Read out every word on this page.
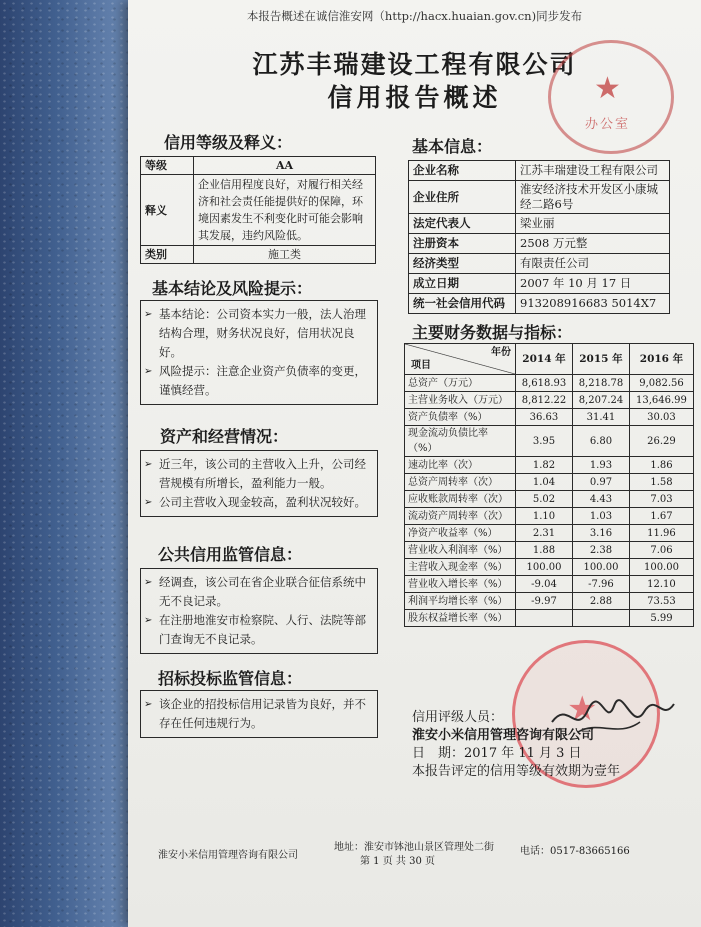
本报告概述在诚信淮安网（http://hacx.huaian.gov.cn)同步发布
江苏丰瑞建设工程有限公司
信用报告概述	★
办公室
信用等级及释义：
等级	AA
释义	企业信用程度良好，对履行相关经济和社会责任能提供好的保障，环境因素发生不利变化时可能会影响其发展，违约风险低。
类别	施工类
基本结论及风险提示：

➢ 基本结论：公司资本实力一般，法人治理结构合理，财务状况良好，信用状况良好。

➢ 风险提示：注意企业资产负债率的变更，谨慎经营。

资产和经营情况：

➢ 近三年，该公司的主营收入上升，公司经营规模有所增长，盈利能力一般。

➢ 公司主营收入现金较高，盈利状况较好。

公共信用监管信息：

➢ 经调查，该公司在省企业联合征信系统中无不良记录。

➢ 在注册地淮安市检察院、人行、法院等部门查询无不良记录。

招标投标监管信息：

➢ 该企业的招投标信用记录皆为良好，并不存在任何违规行为。

基本信息：
企业名称	江苏丰瑞建设工程有限公司
企业住所	淮安经济技术开发区小康城经二路6号
法定代表人	梁业丽
注册资本	2508 万元整
经济类型	有限责任公司
成立日期	2007 年 10 月 17 日
统一社会信用代码	913208916683 5014X7
主要财务数据与指标：
年份
项目	2014 年	2015 年	2016 年
总资产（万元）	8,618.93	8,218.78	9,082.56
主营业务收入（万元）	8,812.22	8,207.24	13,646.99
资产负债率（%）	36.63	31.41	30.03
现金流动负债比率（%）	3.95	6.80	26.29
速动比率（次）	1.82	1.93	1.86
总资产周转率（次）	1.04	0.97	1.58
应收账款周转率（次）	5.02	4.43	7.03
流动资产周转率（次）	1.10	1.03	1.67
净资产收益率（%）	2.31	3.16	11.96
营业收入利润率（%）	1.88	2.38	7.06
主营收入现金率（%）	100.00	100.00	100.00
营业收入增长率（%）	-9.04	-7.96	12.10
利润平均增长率（%）	-9.97	2.88	73.53
股东权益增长率（%）			5.99
★
信用评级人员：
淮安小米信用管理咨询有限公司
日　期：2017 年 11 月 3 日
本报告评定的信用等级有效期为壹年
淮安小米信用管理咨询有限公司
地址：淮安市钵池山景区管理处二街
第 1 页 共 30 页
电话：0517-83665166
